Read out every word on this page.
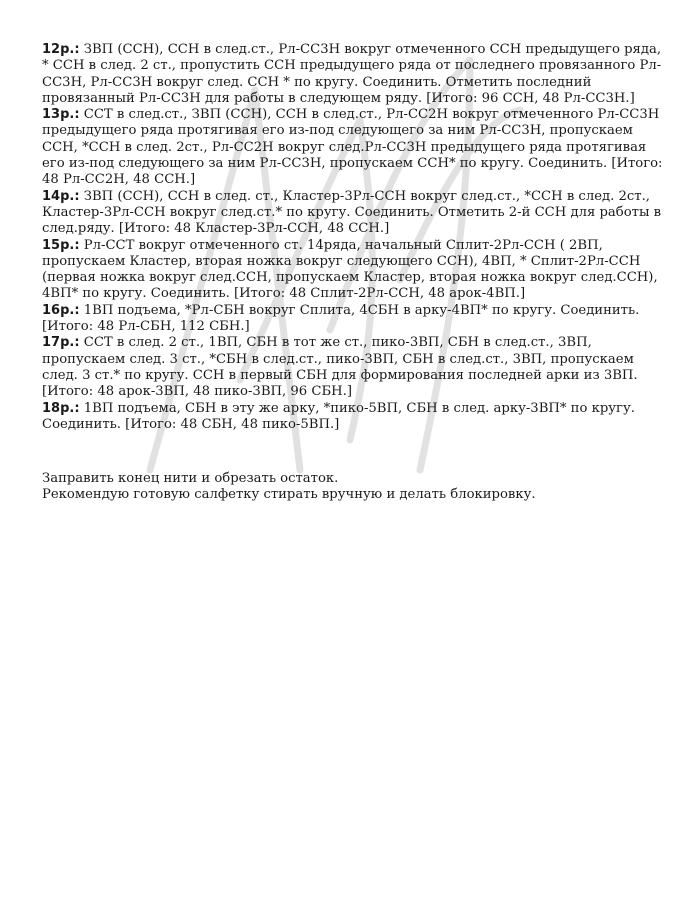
12р.: ЗВП (ССН), ССН в след.ст., Рл-СС3Н вокруг отмеченного ССН предыдущего ряда, * ССН в след. 2 ст., пропустить ССН предыдущего ряда от последнего провязанного Рл-СС3Н, Рл-СС3Н вокруг след. ССН * по кругу. Соединить. Отметить последний провязанный Рл-СС3Н для работы в следующем ряду. [Итого: 96 ССН, 48 Рл-СС3Н.]

13р.: ССТ в след.ст., ЗВП (ССН), ССН в след.ст., Рл-СС2Н вокруг отмеченного Рл-СС3Н предыдущего ряда протягивая его из-под следующего за ним Рл-СС3Н, пропускаем ССН, *ССН в след. 2ст., Рл-СС2Н вокруг след.Рл-СС3Н предыдущего ряда протягивая его из-под следующего за ним Рл-СС3Н, пропускаем ССН* по кругу. Соединить. [Итого: 48 Рл-СС2Н, 48 ССН.]

14р.: ЗВП (ССН), ССН в след. ст., Кластер-3Рл-ССН вокруг след.ст., *ССН в след. 2ст., Кластер-3Рл-ССН вокруг след.ст.* по кругу. Соединить. Отметить 2-й ССН для работы в след.ряду. [Итого: 48 Кластер-3Рл-ССН, 48 ССН.]

15р.: Рл-ССТ вокруг отмеченного ст. 14ряда, начальный Сплит-2Рл-ССН ( 2ВП, пропускаем Кластер, вторая ножка вокруг следующего ССН), 4ВП, * Сплит-2Рл-ССН (первая ножка вокруг след.ССН, пропускаем Кластер, вторая ножка вокруг след.ССН), 4ВП* по кругу. Соединить. [Итого: 48 Сплит-2Рл-ССН, 48 арок-4ВП.]

16р.: 1ВП подъема, *Рл-СБН вокруг Сплита, 4СБН в арку-4ВП* по кругу. Соединить. [Итого: 48 Рл-СБН, 112 СБН.]

17р.: ССТ в след. 2 ст., 1ВП, СБН в тот же ст., пико-3ВП, СБН в след.ст., 3ВП, пропускаем след. 3 ст., *СБН в след.ст., пико-3ВП, СБН в след.ст., 3ВП, пропускаем след. 3 ст.* по кругу. ССН в первый СБН для формирования последней арки из 3ВП. [Итого: 48 арок-3ВП, 48 пико-3ВП, 96 СБН.]

18р.: 1ВП подъема, СБН в эту же арку, *пико-5ВП, СБН в след. арку-3ВП* по кругу. Соединить. [Итого: 48 СБН, 48 пико-5ВП.]

Заправить конец нити и обрезать остаток.

Рекомендую готовую салфетку стирать вручную и делать блокировку.
